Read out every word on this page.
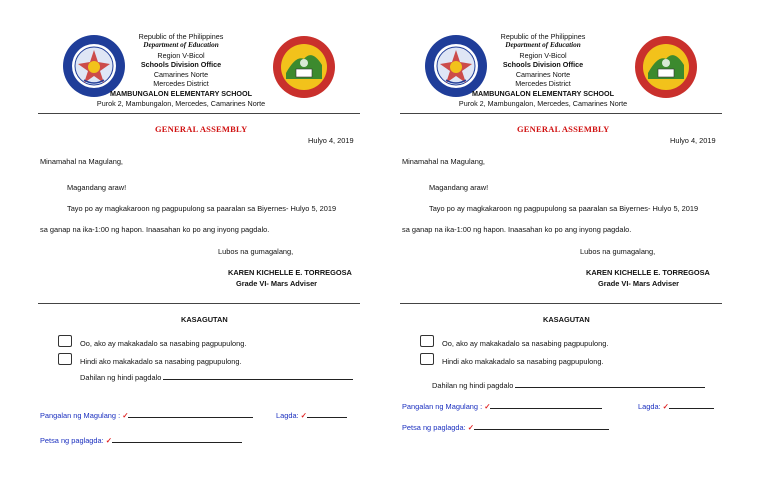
Republic of the Philippines
Department of Education
Region V-Bicol
Schools Division Office
Camarines Norte
Mercedes District
MAMBUNGALON ELEMENTARY SCHOOL
Purok 2, Mambungalon, Mercedes, Camarines Norte
GENERAL ASSEMBLY
Hulyo 4, 2019
Minamahal na Magulang,
Magandang araw!
Tayo po ay magkakaroon ng pagpupulong sa paaralan sa Biyernes- Hulyo 5, 2019
sa ganap na ika-1:00 ng hapon. Inaasahan ko po ang inyong pagdalo.
Lubos na gumagalang,
KAREN KICHELLE E. TORREGOSA
Grade VI- Mars Adviser
KASAGUTAN
Oo, ako ay makakadalo sa nasabing pagpupulong.
Hindi ako makakadalo sa nasabing pagpupulong.
Dahilan ng hindi pagdalo
Pangalan ng Magulang : ✓	Lagda: ✓
Petsa ng paglagda: ✓
Republic of the Philippines
Department of Education
Region V-Bicol
Schools Division Office
Camarines Norte
Mercedes District
MAMBUNGALON ELEMENTARY SCHOOL
Purok 2, Mambungalon, Mercedes, Camarines Norte
GENERAL ASSEMBLY
Hulyo 4, 2019
Minamahal na Magulang,
Magandang araw!
Tayo po ay magkakaroon ng pagpupulong sa paaralan sa Biyernes- Hulyo 5, 2019
sa ganap na ika-1:00 ng hapon. Inaasahan ko po ang inyong pagdalo.
Lubos na gumagalang,
KAREN KICHELLE E. TORREGOSA
Grade VI- Mars Adviser
KASAGUTAN
Oo, ako ay makakadalo sa nasabing pagpupulong.
Hindi ako makakadalo sa nasabing pagpupulong.
Dahilan ng hindi pagdalo
Pangalan ng Magulang : ✓	Lagda: ✓
Petsa ng paglagda: ✓
